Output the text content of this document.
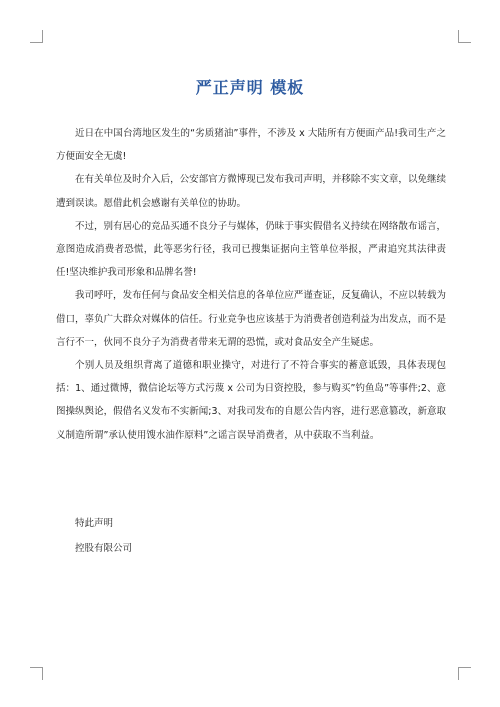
严正声明 模板

近日在中国台湾地区发生的“劣质猪油”事件，不涉及 x 大陆所有方便面产品!我司生产之方便面安全无虞!

在有关单位及时介入后，公安部官方微博现已发布我司声明，并移除不实文章，以免继续遭到误读。愿借此机会感谢有关单位的协助。

不过，别有居心的竞品买通不良分子与媒体，仍昧于事实假借名义持续在网络散布谣言，意图造成消费者恐慌，此等恶劣行径，我司已搜集证据向主管单位举报，严肃追究其法律责任!坚决维护我司形象和品牌名誉!

我司呼吁，发布任何与食品安全相关信息的各单位应严谨查证，反复确认，不应以转载为借口，辜负广大群众对媒体的信任。行业竞争也应该基于为消费者创造利益为出发点，而不是言行不一，伙同不良分子为消费者带来无谓的恐慌，或对食品安全产生疑虑。

个别人员及组织背离了道德和职业操守，对进行了不符合事实的蓄意诋毁，具体表现包括：1、通过微博，微信论坛等方式污蔑 x 公司为日资控股，参与购买”钓鱼岛”等事件;2、意图操纵舆论，假借名义发布不实新闻;3、对我司发布的自愿公告内容，进行恶意篡改，新意取义制造所谓”承认使用馊水油作原料”之谣言误导消费者，从中获取不当利益。

特此声明

控股有限公司
